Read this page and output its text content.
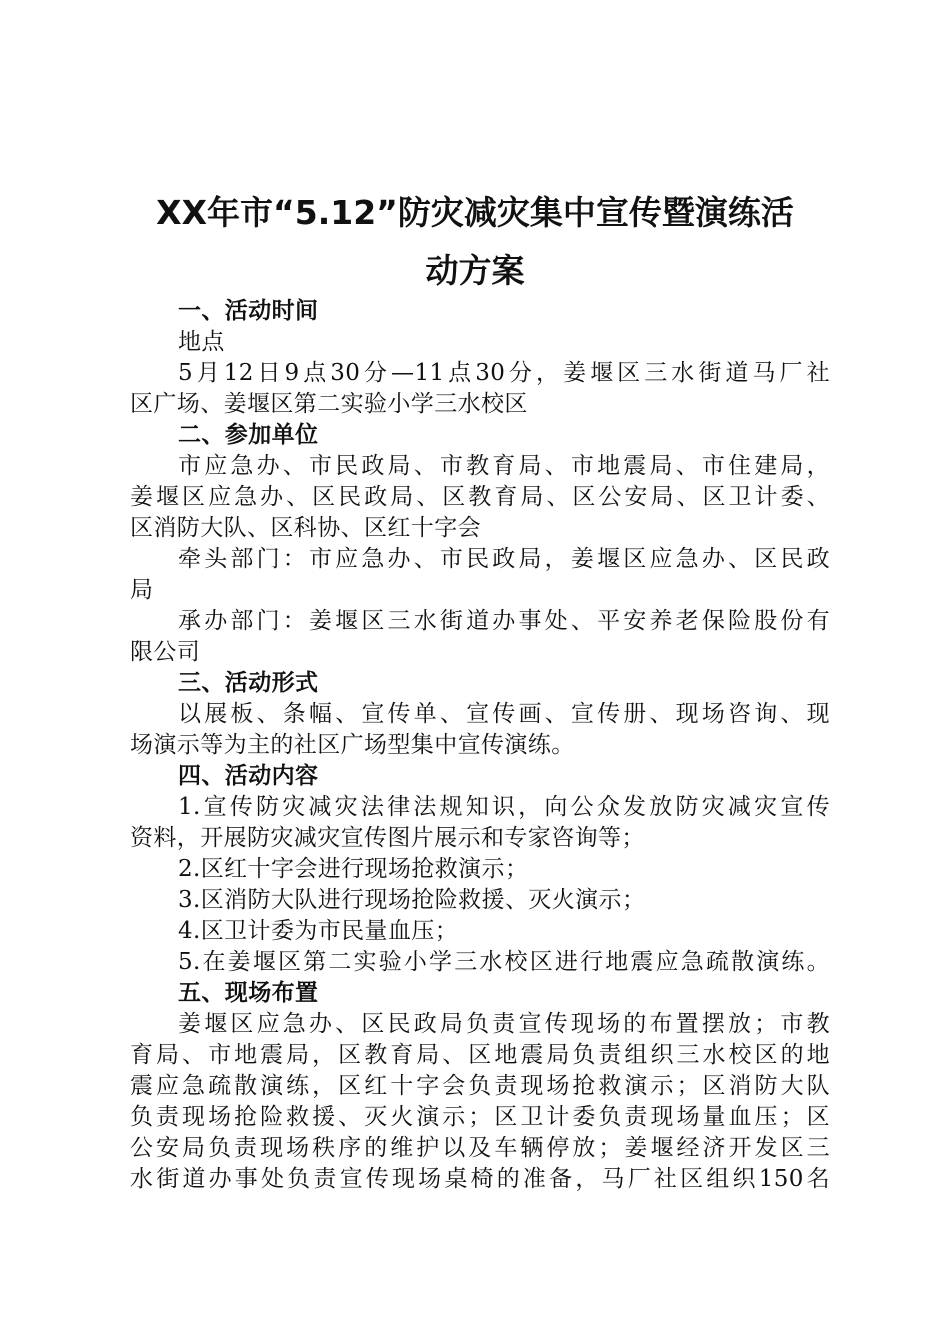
XX年市“5.12”防灾减灾集中宣传暨演练活
动方案
一、活动时间
地点
5月12日9点30分—11点30分，姜堰区三水街道马厂社
区广场、姜堰区第二实验小学三水校区
二、参加单位
市应急办、市民政局、市教育局、市地震局、市住建局，
姜堰区应急办、区民政局、区教育局、区公安局、区卫计委、
区消防大队、区科协、区红十字会
牵头部门：市应急办、市民政局，姜堰区应急办、区民政
局
承办部门：姜堰区三水街道办事处、平安养老保险股份有
限公司
三、活动形式
以展板、条幅、宣传单、宣传画、宣传册、现场咨询、现
场演示等为主的社区广场型集中宣传演练。
四、活动内容
1.宣传防灾减灾法律法规知识，向公众发放防灾减灾宣传
资料，开展防灾减灾宣传图片展示和专家咨询等；
2.区红十字会进行现场抢救演示；
3.区消防大队进行现场抢险救援、灭火演示；
4.区卫计委为市民量血压；
5.在姜堰区第二实验小学三水校区进行地震应急疏散演练。
五、现场布置
姜堰区应急办、区民政局负责宣传现场的布置摆放；市教
育局、市地震局，区教育局、区地震局负责组织三水校区的地
震应急疏散演练，区红十字会负责现场抢救演示；区消防大队
负责现场抢险救援、灭火演示；区卫计委负责现场量血压；区
公安局负责现场秩序的维护以及车辆停放；姜堰经济开发区三
水街道办事处负责宣传现场桌椅的准备，马厂社区组织150名
